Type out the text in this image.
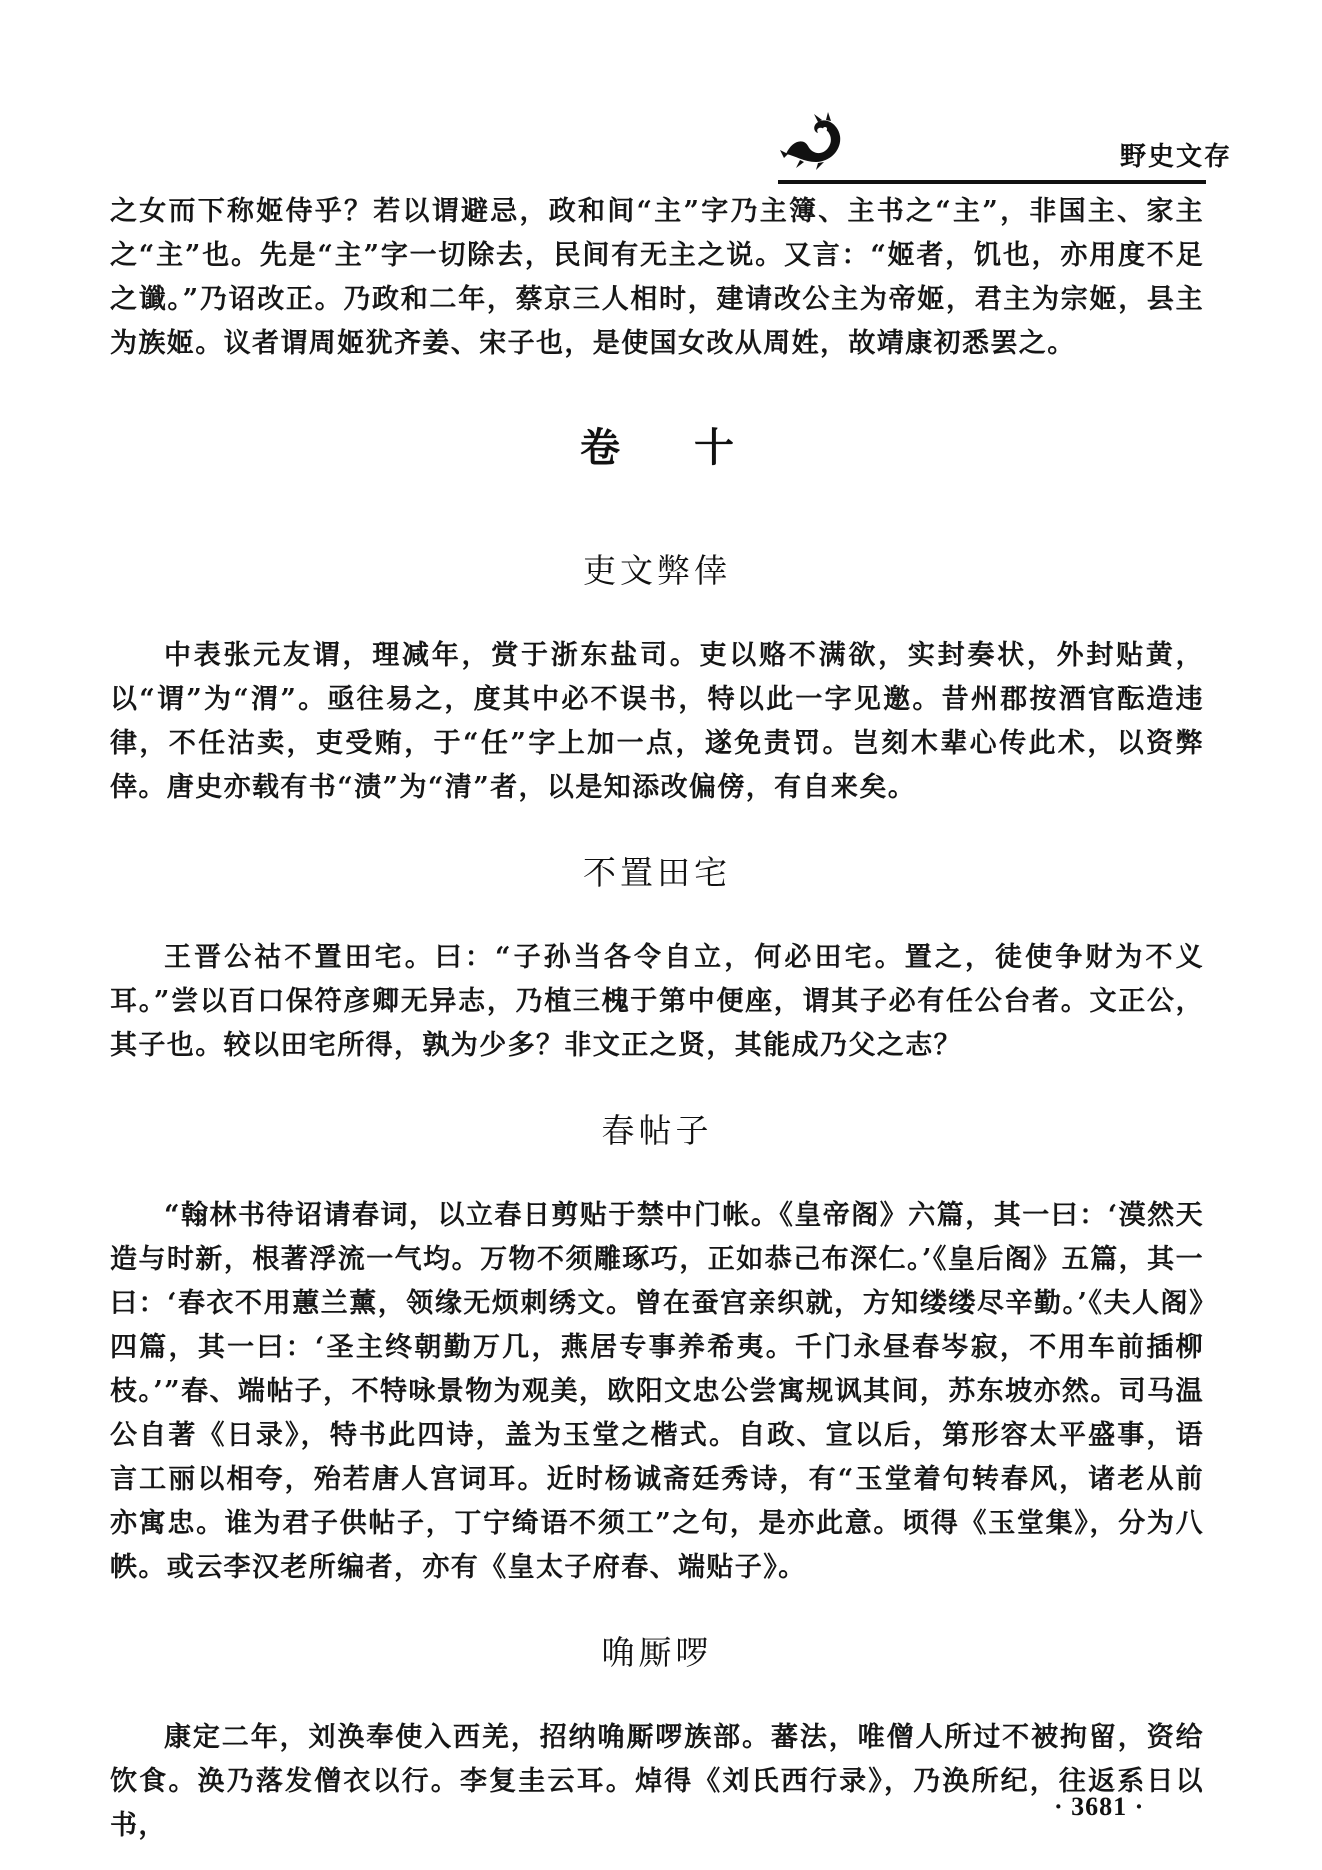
野史文存

之女而下称姬侍乎？若以谓避忌，政和间“主”字乃主簿、主书之“主”，非国主、家主之“主”也。先是“主”字一切除去，民间有无主之说。又言：“姬者，饥也，亦用度不足之谶。”乃诏改正。乃政和二年，蔡京三人相时，建请改公主为帝姬，君主为宗姬，县主为族姬。议者谓周姬犹齐姜、宋子也，是使国女改从周姓，故靖康初悉罢之。

卷 十
吏文弊倖

中表张元友谓，理减年，赏于浙东盐司。吏以赂不满欲，实封奏状，外封贴黄，以“谓”为“渭”。亟往易之，度其中必不误书，特以此一字见邀。昔州郡按酒官酝造违律，不任沽卖，吏受贿，于“任”字上加一点，遂免责罚。岂刻木辈心传此术，以资弊倖。唐史亦载有书“渍”为“清”者，以是知添改偏傍，有自来矣。

不置田宅

王晋公祜不置田宅。曰：“子孙当各令自立，何必田宅。置之，徒使争财为不义耳。”尝以百口保符彦卿无异志，乃植三槐于第中便座，谓其子必有任公台者。文正公，其子也。较以田宅所得，孰为少多？非文正之贤，其能成乃父之志？

春帖子

“翰林书待诏请春词，以立春日剪贴于禁中门帐。《皇帝阁》六篇，其一曰：‘漠然天造与时新，根著浮流一气均。万物不须雕琢巧，正如恭己布深仁。’《皇后阁》五篇，其一曰：‘春衣不用蕙兰薰，领缘无烦刺绣文。曾在蚕宫亲织就，方知缕缕尽辛勤。’《夫人阁》四篇，其一曰：‘圣主终朝勤万几，燕居专事养希夷。千门永昼春岑寂，不用车前插柳枝。’”春、端帖子，不特咏景物为观美，欧阳文忠公尝寓规讽其间，苏东坡亦然。司马温公自著《日录》，特书此四诗，盖为玉堂之楷式。自政、宣以后，第形容太平盛事，语言工丽以相夸，殆若唐人宫词耳。近时杨诚斋廷秀诗，有“玉堂着句转春风，诸老从前亦寓忠。谁为君子供帖子，丁宁绮语不须工”之句，是亦此意。顷得《玉堂集》，分为八帙。或云李汉老所编者，亦有《皇太子府春、端贴子》。

唃厮啰

康定二年，刘涣奉使入西羌，招纳唃厮啰族部。蕃法，唯僧人所过不被拘留，资给饮食。涣乃落发僧衣以行。李复圭云耳。焯得《刘氏西行录》，乃涣所纪，往返系日以书，

· 3681 ·
